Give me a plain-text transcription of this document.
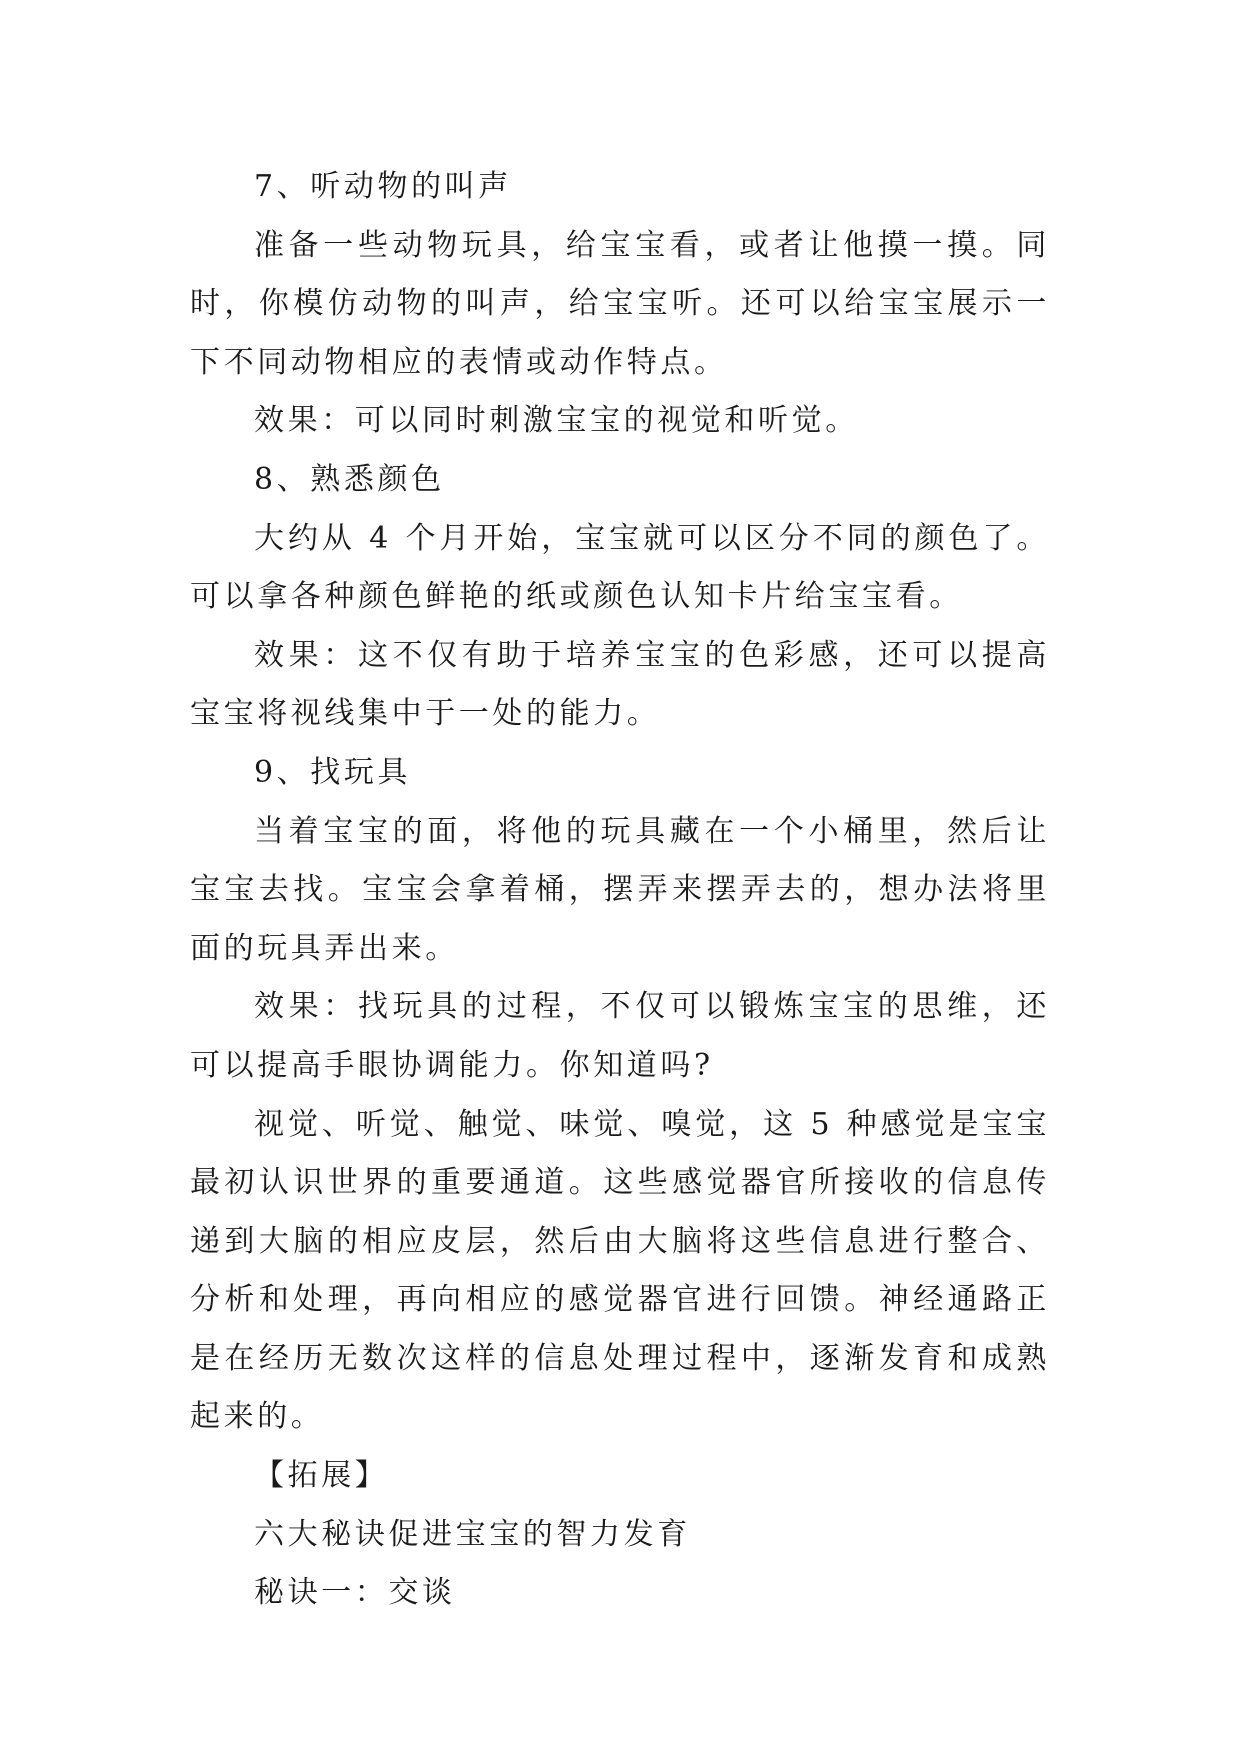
7、听动物的叫声

准备一些动物玩具，给宝宝看，或者让他摸一摸。同时，你模仿动物的叫声，给宝宝听。还可以给宝宝展示一下不同动物相应的表情或动作特点。

效果：可以同时刺激宝宝的视觉和听觉。

8、熟悉颜色

大约从 4 个月开始，宝宝就可以区分不同的颜色了。可以拿各种颜色鲜艳的纸或颜色认知卡片给宝宝看。

效果：这不仅有助于培养宝宝的色彩感，还可以提高宝宝将视线集中于一处的能力。

9、找玩具

当着宝宝的面，将他的玩具藏在一个小桶里，然后让宝宝去找。宝宝会拿着桶，摆弄来摆弄去的，想办法将里面的玩具弄出来。

效果：找玩具的过程，不仅可以锻炼宝宝的思维，还可以提高手眼协调能力。你知道吗?

视觉、听觉、触觉、味觉、嗅觉，这 5 种感觉是宝宝最初认识世界的重要通道。这些感觉器官所接收的信息传递到大脑的相应皮层，然后由大脑将这些信息进行整合、分析和处理，再向相应的感觉器官进行回馈。神经通路正是在经历无数次这样的信息处理过程中，逐渐发育和成熟起来的。

【拓展】

六大秘诀促进宝宝的智力发育

秘诀一：交谈
